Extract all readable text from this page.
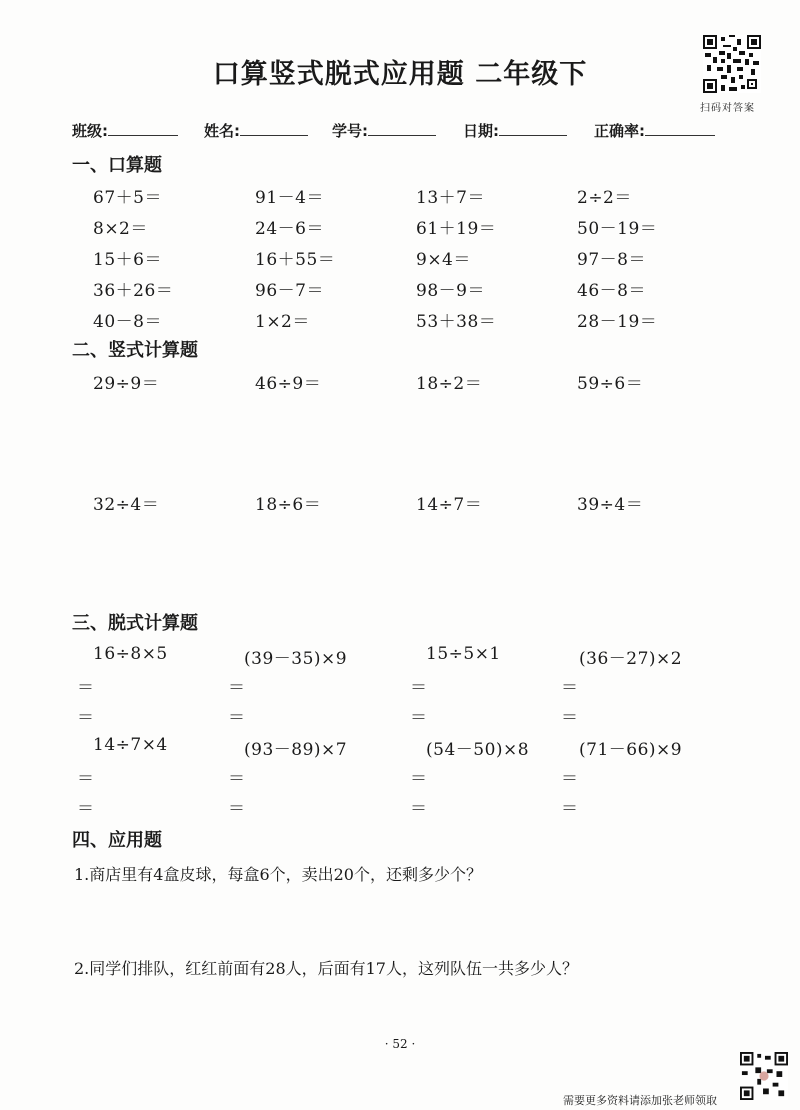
口算竖式脱式应用题 二年级下
扫码对答案
班级:	姓名:	学号:	日期:	正确率:
一、口算题
67＋5＝	91－4＝	13＋7＝	2÷2＝
8×2＝	24－6＝	61＋19＝	50－19＝
15＋6＝	16＋55＝	9×4＝	97－8＝
36＋26＝	96－7＝	98－9＝	46－8＝
40－8＝	1×2＝	53＋38＝	28－19＝
二、竖式计算题
29÷9＝	46÷9＝	18÷2＝	59÷6＝
32÷4＝	18÷6＝	14÷7＝	39÷4＝
三、脱式计算题
16÷8×5	(39－35)×9	15÷5×1	(36－27)×2
＝	＝	＝	＝
＝	＝	＝	＝
14÷7×4	(93－89)×7	(54－50)×8	(71－66)×9
＝	＝	＝	＝
＝	＝	＝	＝
四、应用题
1.商店里有4盒皮球，每盒6个，卖出20个，还剩多少个？
2.同学们排队，红红前面有28人，后面有17人，这列队伍一共多少人？
· 52 ·
需要更多资料请添加张老师领取
